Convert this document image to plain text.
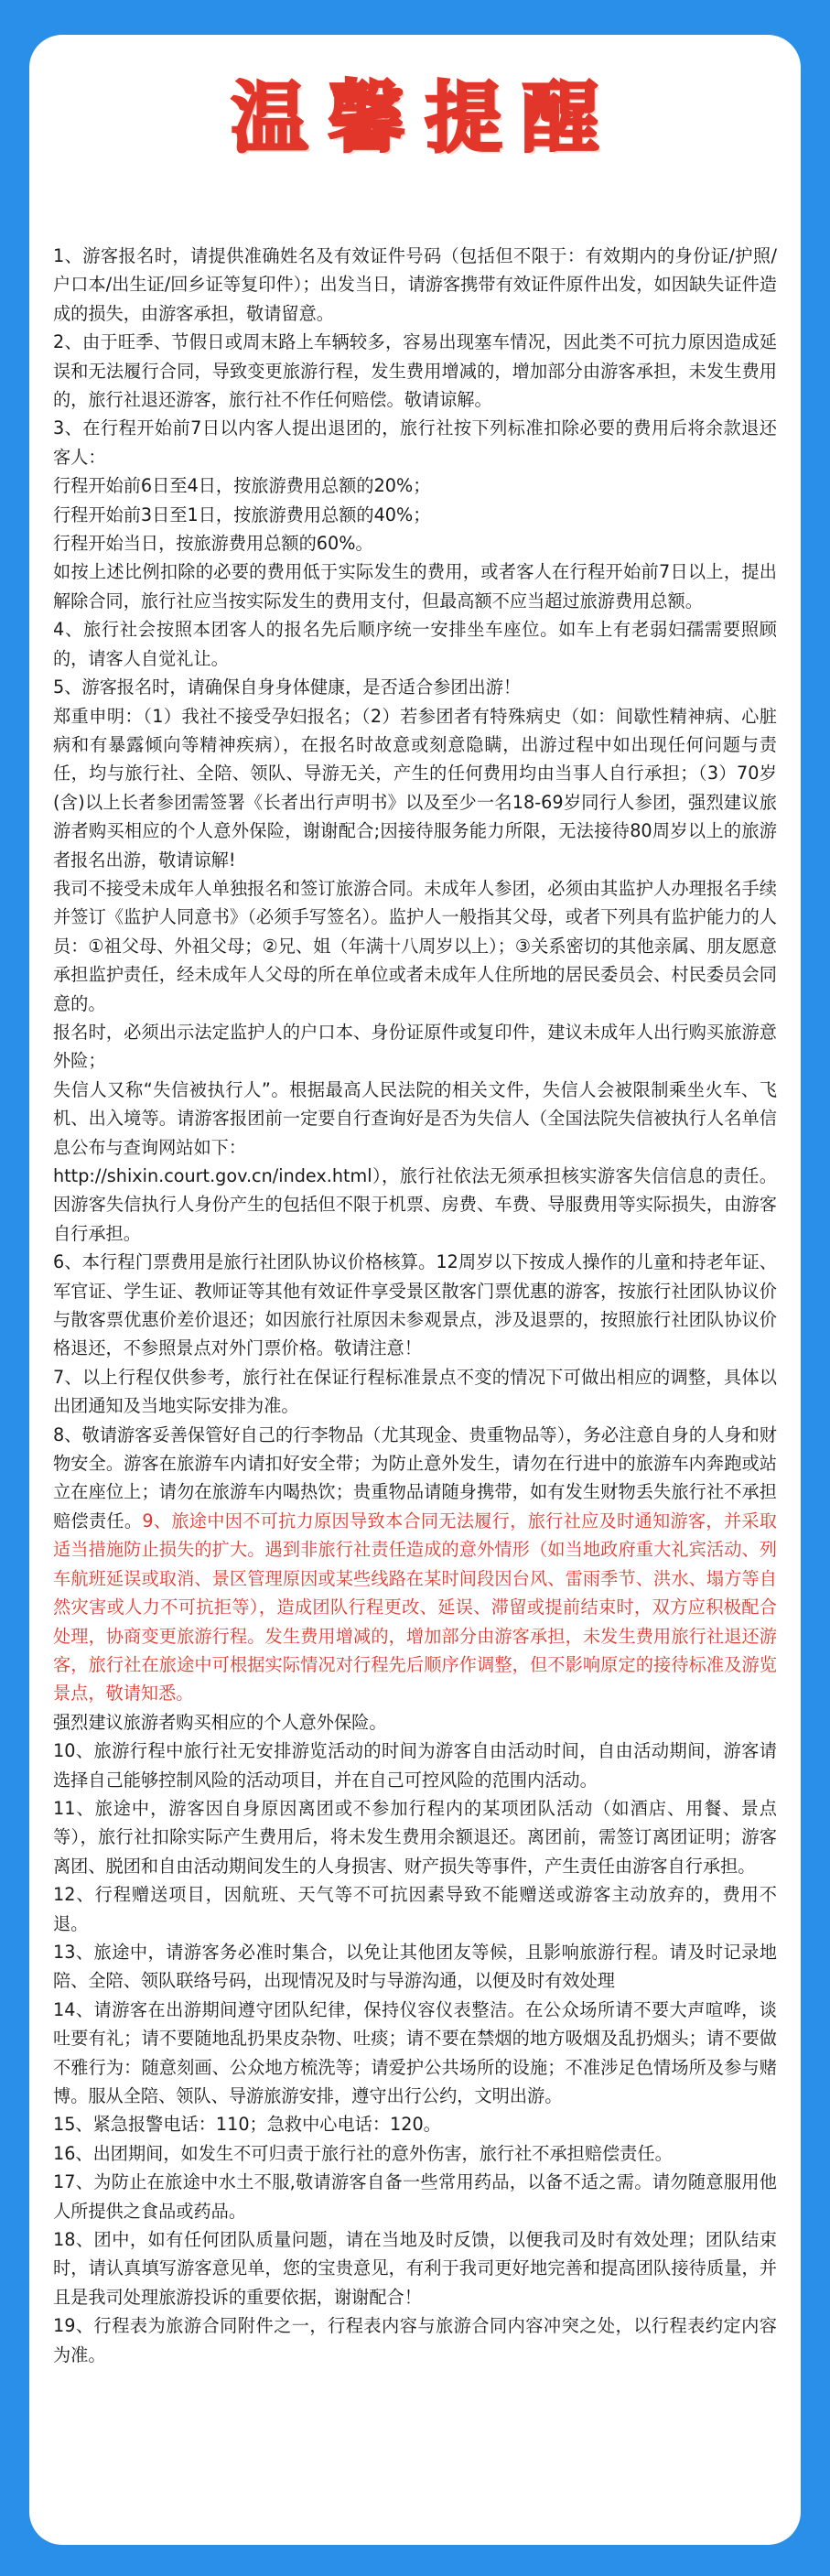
温馨提醒

1、游客报名时，请提供准确姓名及有效证件号码（包括但不限于：有效期内的身份证/护照/户口本/出生证/回乡证等复印件）；出发当日，请游客携带有效证件原件出发，如因缺失证件造成的损失，由游客承担，敬请留意。

2、由于旺季、节假日或周末路上车辆较多，容易出现塞车情况，因此类不可抗力原因造成延误和无法履行合同，导致变更旅游行程，发生费用增减的，增加部分由游客承担，未发生费用的，旅行社退还游客，旅行社不作任何赔偿。敬请谅解。

3、在行程开始前7日以内客人提出退团的，旅行社按下列标准扣除必要的费用后将余款退还客人：

行程开始前6日至4日，按旅游费用总额的20%；

行程开始前3日至1日，按旅游费用总额的40%；

行程开始当日，按旅游费用总额的60%。

如按上述比例扣除的必要的费用低于实际发生的费用，或者客人在行程开始前7日以上，提出解除合同，旅行社应当按实际发生的费用支付，但最高额不应当超过旅游费用总额。

4、旅行社会按照本团客人的报名先后顺序统一安排坐车座位。如车上有老弱妇孺需要照顾的，请客人自觉礼让。

5、游客报名时，请确保自身身体健康，是否适合参团出游！

郑重申明：（1）我社不接受孕妇报名；（2）若参团者有特殊病史（如：间歇性精神病、心脏病和有暴露倾向等精神疾病），在报名时故意或刻意隐瞒，出游过程中如出现任何问题与责任，均与旅行社、全陪、领队、导游无关，产生的任何费用均由当事人自行承担；（3）70岁(含)以上长者参团需签署《长者出行声明书》以及至少一名18-69岁同行人参团，强烈建议旅游者购买相应的个人意外保险，谢谢配合;因接待服务能力所限，无法接待80周岁以上的旅游者报名出游，敬请谅解!

我司不接受未成年人单独报名和签订旅游合同。未成年人参团，必须由其监护人办理报名手续并签订《监护人同意书》（必须手写签名）。监护人一般指其父母，或者下列具有监护能力的人员：①祖父母、外祖父母；②兄、姐（年满十八周岁以上）；③关系密切的其他亲属、朋友愿意承担监护责任，经未成年人父母的所在单位或者未成年人住所地的居民委员会、村民委员会同意的。

报名时，必须出示法定监护人的户口本、身份证原件或复印件，建议未成年人出行购买旅游意外险；

失信人又称“失信被执行人”。根据最高人民法院的相关文件，失信人会被限制乘坐火车、飞机、出入境等。请游客报团前一定要自行查询好是否为失信人（全国法院失信被执行人名单信息公布与查询网站如下：

http://shixin.court.gov.cn/index.html），旅行社依法无须承担核实游客失信信息的责任。因游客失信执行人身份产生的包括但不限于机票、房费、车费、导服费用等实际损失，由游客自行承担。

6、本行程门票费用是旅行社团队协议价格核算。12周岁以下按成人操作的儿童和持老年证、军官证、学生证、教师证等其他有效证件享受景区散客门票优惠的游客，按旅行社团队协议价与散客票优惠价差价退还；如因旅行社原因未参观景点，涉及退票的，按照旅行社团队协议价格退还，不参照景点对外门票价格。敬请注意！

7、以上行程仅供参考，旅行社在保证行程标准景点不变的情况下可做出相应的调整，具体以出团通知及当地实际安排为准。

8、敬请游客妥善保管好自己的行李物品（尤其现金、贵重物品等），务必注意自身的人身和财物安全。游客在旅游车内请扣好安全带；为防止意外发生，请勿在行进中的旅游车内奔跑或站立在座位上；请勿在旅游车内喝热饮；贵重物品请随身携带，如有发生财物丢失旅行社不承担赔偿责任。9、旅途中因不可抗力原因导致本合同无法履行，旅行社应及时通知游客，并采取适当措施防止损失的扩大。遇到非旅行社责任造成的意外情形（如当地政府重大礼宾活动、列车航班延误或取消、景区管理原因或某些线路在某时间段因台风、雷雨季节、洪水、塌方等自然灾害或人力不可抗拒等），造成团队行程更改、延误、滞留或提前结束时，双方应积极配合处理，协商变更旅游行程。发生费用增减的，增加部分由游客承担，未发生费用旅行社退还游客，旅行社在旅途中可根据实际情况对行程先后顺序作调整，但不影响原定的接待标准及游览景点，敬请知悉。

强烈建议旅游者购买相应的个人意外保险。

10、旅游行程中旅行社无安排游览活动的时间为游客自由活动时间，自由活动期间，游客请选择自己能够控制风险的活动项目，并在自己可控风险的范围内活动。

11、旅途中，游客因自身原因离团或不参加行程内的某项团队活动（如酒店、用餐、景点等），旅行社扣除实际产生费用后，将未发生费用余额退还。离团前，需签订离团证明；游客离团、脱团和自由活动期间发生的人身损害、财产损失等事件，产生责任由游客自行承担。

12、行程赠送项目，因航班、天气等不可抗因素导致不能赠送或游客主动放弃的，费用不退。

13、旅途中，请游客务必准时集合，以免让其他团友等候，且影响旅游行程。请及时记录地陪、全陪、领队联络号码，出现情况及时与导游沟通，以便及时有效处理

14、请游客在出游期间遵守团队纪律，保持仪容仪表整洁。在公众场所请不要大声喧哗，谈吐要有礼；请不要随地乱扔果皮杂物、吐痰；请不要在禁烟的地方吸烟及乱扔烟头；请不要做不雅行为：随意刻画、公众地方梳洗等；请爱护公共场所的设施；不准涉足色情场所及参与赌博。服从全陪、领队、导游旅游安排，遵守出行公约，文明出游。

15、紧急报警电话：110；急救中心电话：120。

16、出团期间，如发生不可归责于旅行社的意外伤害，旅行社不承担赔偿责任。

17、为防止在旅途中水土不服,敬请游客自备一些常用药品，以备不适之需。请勿随意服用他人所提供之食品或药品。

18、团中，如有任何团队质量问题，请在当地及时反馈，以便我司及时有效处理；团队结束时，请认真填写游客意见单，您的宝贵意见，有利于我司更好地完善和提高团队接待质量，并且是我司处理旅游投诉的重要依据，谢谢配合！

19、行程表为旅游合同附件之一，行程表内容与旅游合同内容冲突之处，以行程表约定内容为准。
